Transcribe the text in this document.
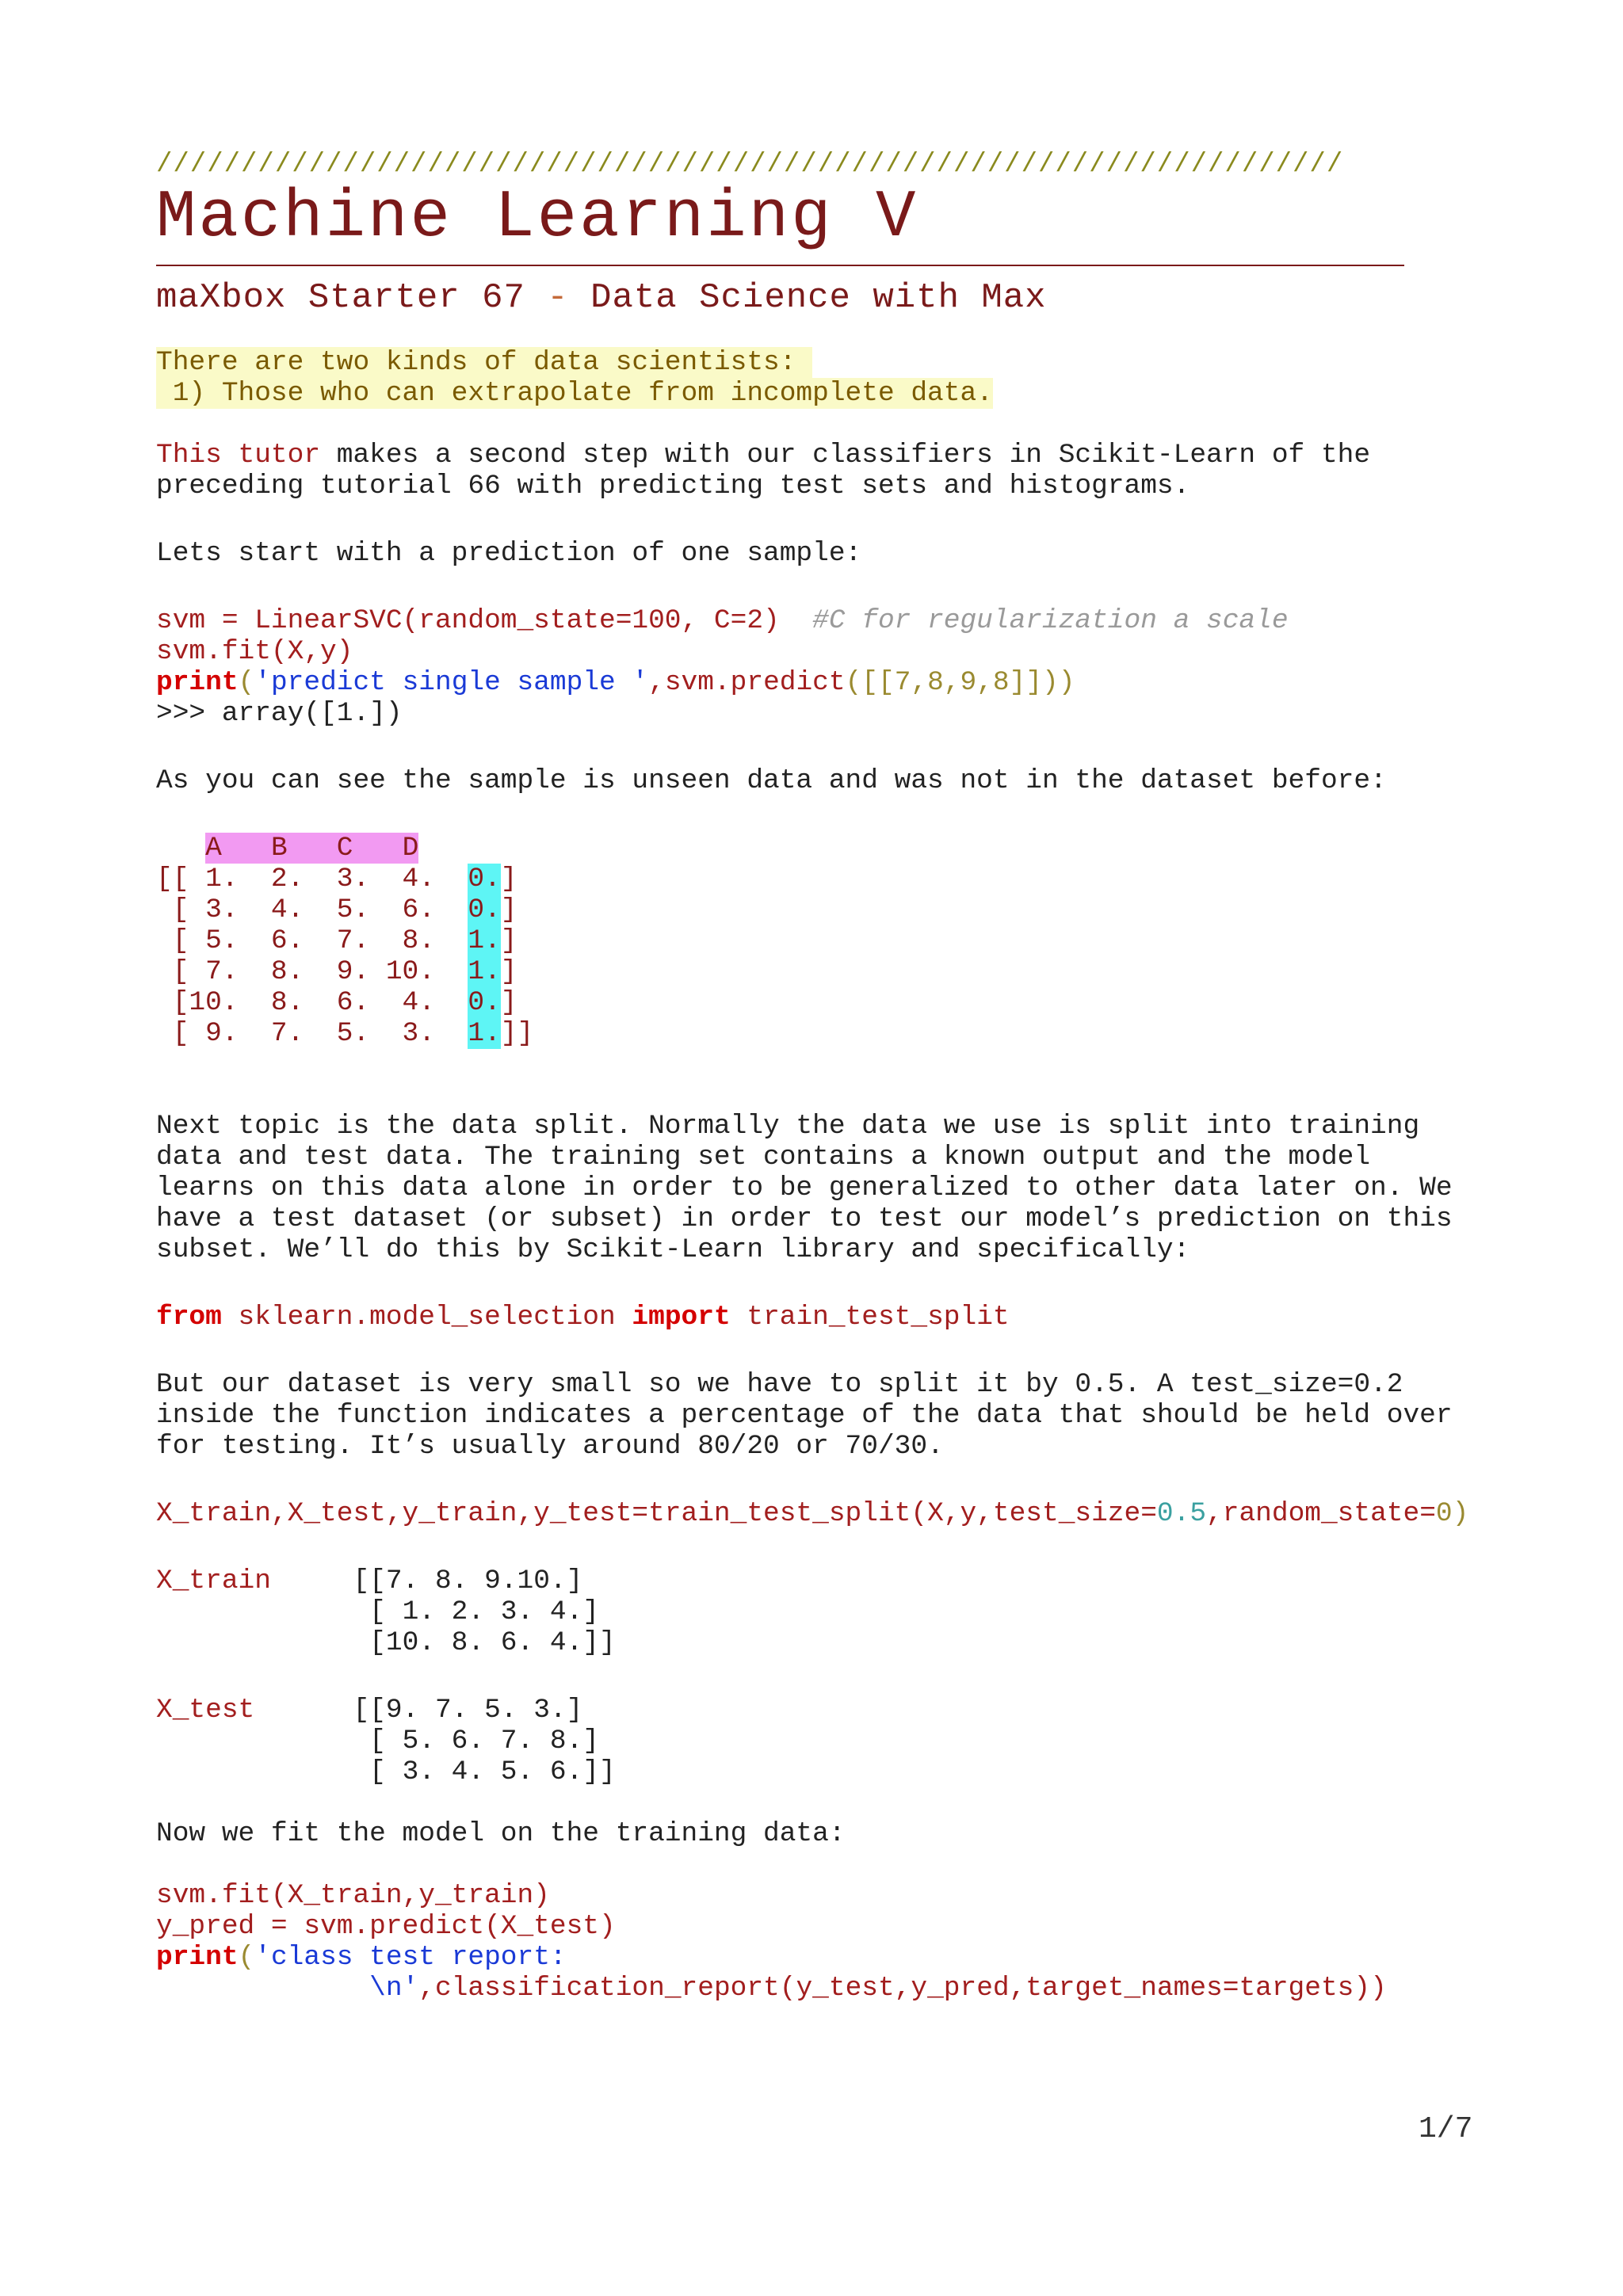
//////////////////////////////////////////////////////////////////////
Machine Learning V
maXbox Starter 67 - Data Science with Max
There are two kinds of data scientists:
1) Those who can extrapolate from incomplete data.
This tutor makes a second step with our classifiers in Scikit-Learn of the
preceding tutorial 66 with predicting test sets and histograms.
Lets start with a prediction of one sample:
svm = LinearSVC(random_state=100, C=2)  #C for regularization a scale
svm.fit(X,y)
print('predict single sample ',svm.predict([[7,8,9,8]]))
>>> array([1.])
As you can see the sample is unseen data and was not in the dataset before:
A   B   C   D
[[ 1.  2.  3.  4.  0.]
[ 3.  4.  5.  6.  0.]
[ 5.  6.  7.  8.  1.]
[ 7.  8.  9. 10.  1.]
[10.  8.  6.  4.  0.]
[ 9.  7.  5.  3.  1.]]
Next topic is the data split. Normally the data we use is split into training
data and test data. The training set contains a known output and the model
learns on this data alone in order to be generalized to other data later on. We
have a test dataset (or subset) in order to test our model’s prediction on this
subset. We’ll do this by Scikit-Learn library and specifically:
from sklearn.model_selection import train_test_split
But our dataset is very small so we have to split it by 0.5. A test_size=0.2
inside the function indicates a percentage of the data that should be held over
for testing. It’s usually around 80/20 or 70/30.
X_train,X_test,y_train,y_test=train_test_split(X,y,test_size=0.5,random_state=0)
X_train	[[7. 8. 9.10.]
[ 1. 2. 3. 4.]
[10. 8. 6. 4.]]
X_test	[[9. 7. 5. 3.]
[ 5. 6. 7. 8.]
[ 3. 4. 5. 6.]]
Now we fit the model on the training data:
svm.fit(X_train,y_train)
y_pred = svm.predict(X_test)
print('class test report:
\n',classification_report(y_test,y_pred,target_names=targets))
1/7
